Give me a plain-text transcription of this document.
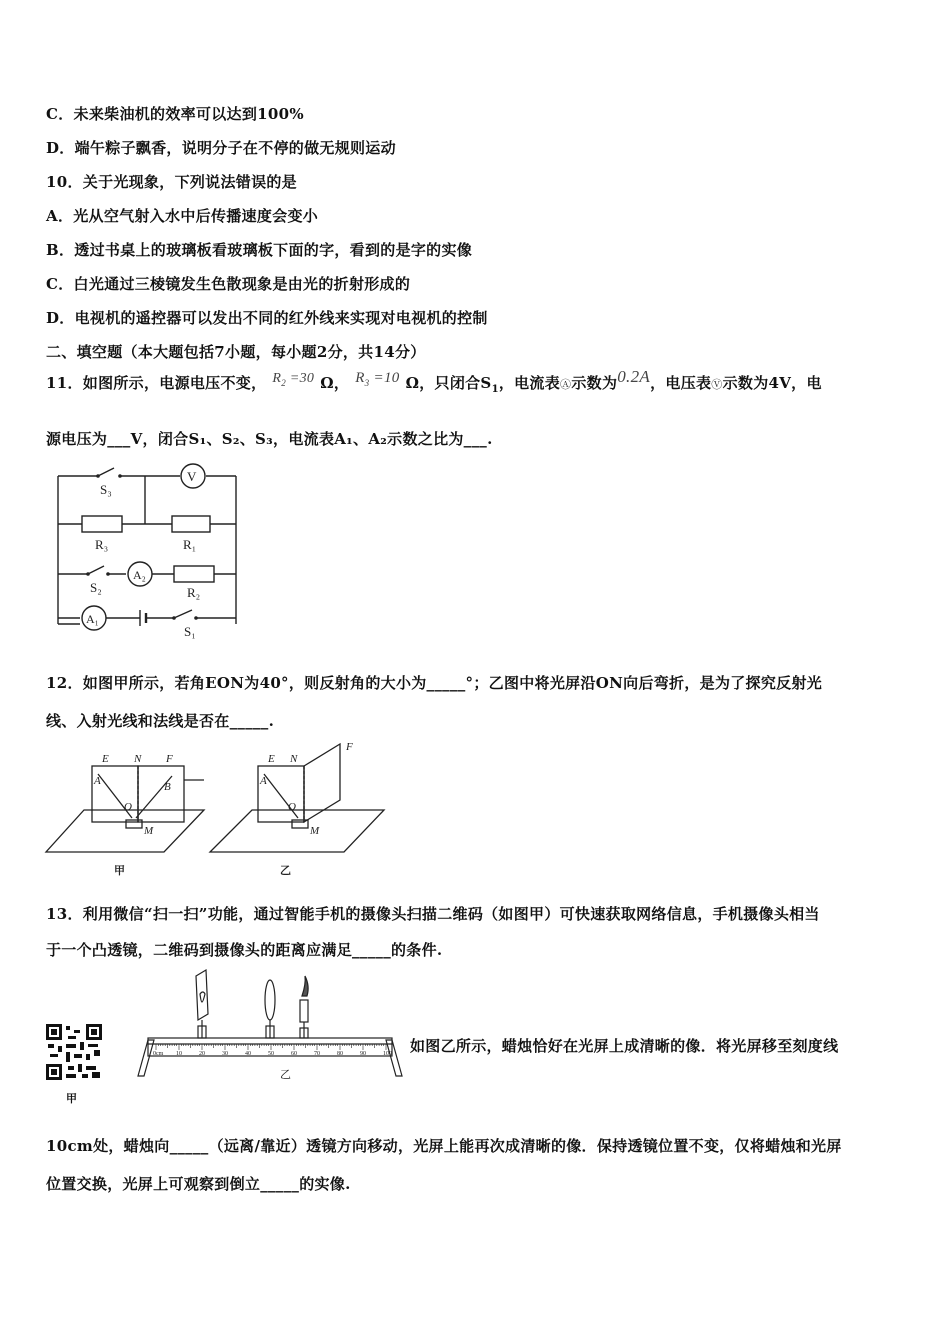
C．未来柴油机的效率可以达到100%
D．端午粽子飘香，说明分子在不停的做无规则运动
10．关于光现象，下列说法错误的是
A．光从空气射入水中后传播速度会变小
B．透过书桌上的玻璃板看玻璃板下面的字，看到的是字的实像
C．白光通过三棱镜发生色散现象是由光的折射形成的
D．电视机的遥控器可以发出不同的红外线来实现对电视机的控制
二、填空题（本大题包括7小题，每小题2分，共14分）
11．如图所示，电源电压不变， $R_2 =30$ Ω， $R_3 =10$ Ω，只闭合$S_1$，电流表Ⓐ示数为0.2A，电压表Ⓥ示数为4V，电
源电压为___V，闭合S₁、S₂、S₃，电流表A₁、A₂示数之比为___.
S₃
V
R₃	R₁
S₂
A₂
R₂
A₁
S₁
12．如图甲所示，若角EON为40°，则反射角的大小为_____°；乙图中将光屏沿ON向后弯折，是为了探究反射光
线、入射光线和法线是否在_____.
E N F
A	B
O
M
E N
F
A
O
M
甲	乙
13．利用微信“扫一扫”功能，通过智能手机的摄像头扫描二维码（如图甲）可快速获取网络信息，手机摄像头相当
于一个凸透镜，二维码到摄像头的距离应满足_____的条件.
甲
0cm 10	20	30	40	50	60	70	80	90	100
乙
如图乙所示，蜡烛恰好在光屏上成清晰的像．将光屏移至刻度线
10cm处，蜡烛向_____（远离/靠近）透镜方向移动，光屏上能再次成清晰的像．保持透镜位置不变，仅将蜡烛和光屏
位置交换，光屏上可观察到倒立_____的实像.
